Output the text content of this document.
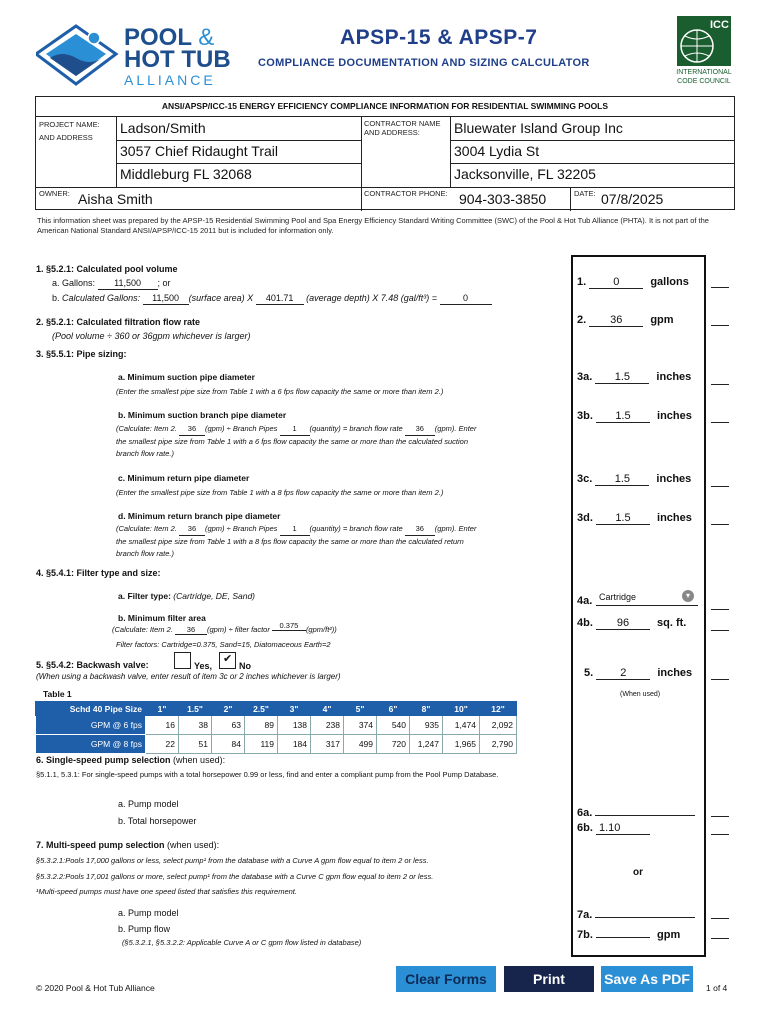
POOL &
HOT TUB
ALLIANCE
APSP-15 & APSP-7
COMPLIANCE DOCUMENTATION AND SIZING CALCULATOR
ICC
INTERNATIONAL
CODE COUNCIL
ANSI/APSP/ICC-15 ENERGY EFFICIENCY COMPLIANCE INFORMATION FOR RESIDENTIAL SWIMMING POOLS
PROJECT NAME:
AND ADDRESS
Ladson/Smith
3057 Chief Ridaught Trail
Middleburg FL 32068
OWNER: Aisha Smith
CONTRACTOR NAME
AND ADDRESS: Bluewater Island Group Inc
3004 Lydia St
Jacksonville, FL 32205
CONTRACTOR PHONE: 904-303-3850	DATE: 07/8/2025
This information sheet was prepared by the APSP-15 Residential Swimming Pool and Spa Energy Efficiency Standard Writing Committee (SWC) of the Pool & Hot Tub Alliance (PHTA). It is not part of the American National Standard ANSI/APSP/ICC-15 2011 but is included for information only.
1. §5.2.1: Calculated pool volume
a. Gallons: 11,500 ; or
b. Calculated Gallons: 11,500 (surface area) X 401.71 (average depth) X 7.48 (gal/ft³) =	0
2. §5.2.1: Calculated filtration flow rate
(Pool volume ÷ 360 or 36gpm whichever is larger)
3. §5.5.1: Pipe sizing:
a. Minimum suction pipe diameter
(Enter the smallest pipe size from Table 1 with a 6 fps flow capacity the same or more than item 2.)
b. Minimum suction branch pipe diameter
(Calculate: Item 2. 36 (gpm) ÷ Branch Pipes 1 (quantity) = branch flow rate 36 (gpm). Enter
the smallest pipe size from Table 1 with a 6 fps flow capacity the same or more than the calculated suction
branch flow rate.)
c. Minimum return pipe diameter
(Enter the smallest pipe size from Table 1 with a 8 fps flow capacity the same or more than item 2.)
d. Minimum return branch pipe diameter
(Calculate: Item 2. 36 (gpm) ÷ Branch Pipes 1 (quantity) = branch flow rate 36 (gpm). Enter
the smallest pipe size from Table 1 with a 8 fps flow capacity the same or more than the calculated return
branch flow rate.)
4. §5.4.1: Filter type and size:
a. Filter type: (Cartridge, DE, Sand)
b. Minimum filter area
(Calculate: Item 2. 36 (gpm) ÷ filter factor 0.375 (gpm/ft²))
Filter factors: Cartridge=0.375, Sand=15, Diatomaceous Earth=2
5. §5.4.2: Backwash valve:	Yes,
✔
No
(When using a backwash valve, enter result of item 3c or 2 inches whichever is larger)
Table 1
Schd 40 Pipe Size	1"	1.5"	2"	2.5"	3"	4"	5"	6"	8"	10"	12"
GPM @ 6 fps	16	38	63	89	138	238	374	540	935	1,474	2,092
GPM @ 8 fps	22	51	84	119	184	317	499	720	1,247	1,965	2,790
6. Single-speed pump selection (when used):
§5.1.1, 5.3.1: For single-speed pumps with a total horsepower 0.99 or less, find and enter a compliant pump from the Pool Pump Database.
a. Pump model
b. Total horsepower
7. Multi-speed pump selection (when used):
§5.3.2.1:Pools 17,000 gallons or less, select pump¹ from the database with a Curve A gpm flow equal to item 2 or less.
§5.3.2.2:Pools 17,001 gallons or more, select pump¹ from the database with a Curve C gpm flow equal to item 2 or less.
¹Multi-speed pumps must have one speed listed that satisfies this requirement.
a. Pump model
b. Pump flow
(§5.3.2.1, §5.3.2.2: Applicable Curve A or C gpm flow listed in database)
1. 0	gallons
2. 36	gpm
3a. 1.5 inches
3b. 1.5 inches
3c. 1.5 inches
3d. 1.5 inches
4a. Cartridge	▾
4b. 96	sq. ft.
5. 2	inches
(When used)
6a.
6b. 1.10
or
7a.
7b.	gpm
© 2020 Pool & Hot Tub Alliance
Clear Forms	Print	Save As PDF
1 of 4
